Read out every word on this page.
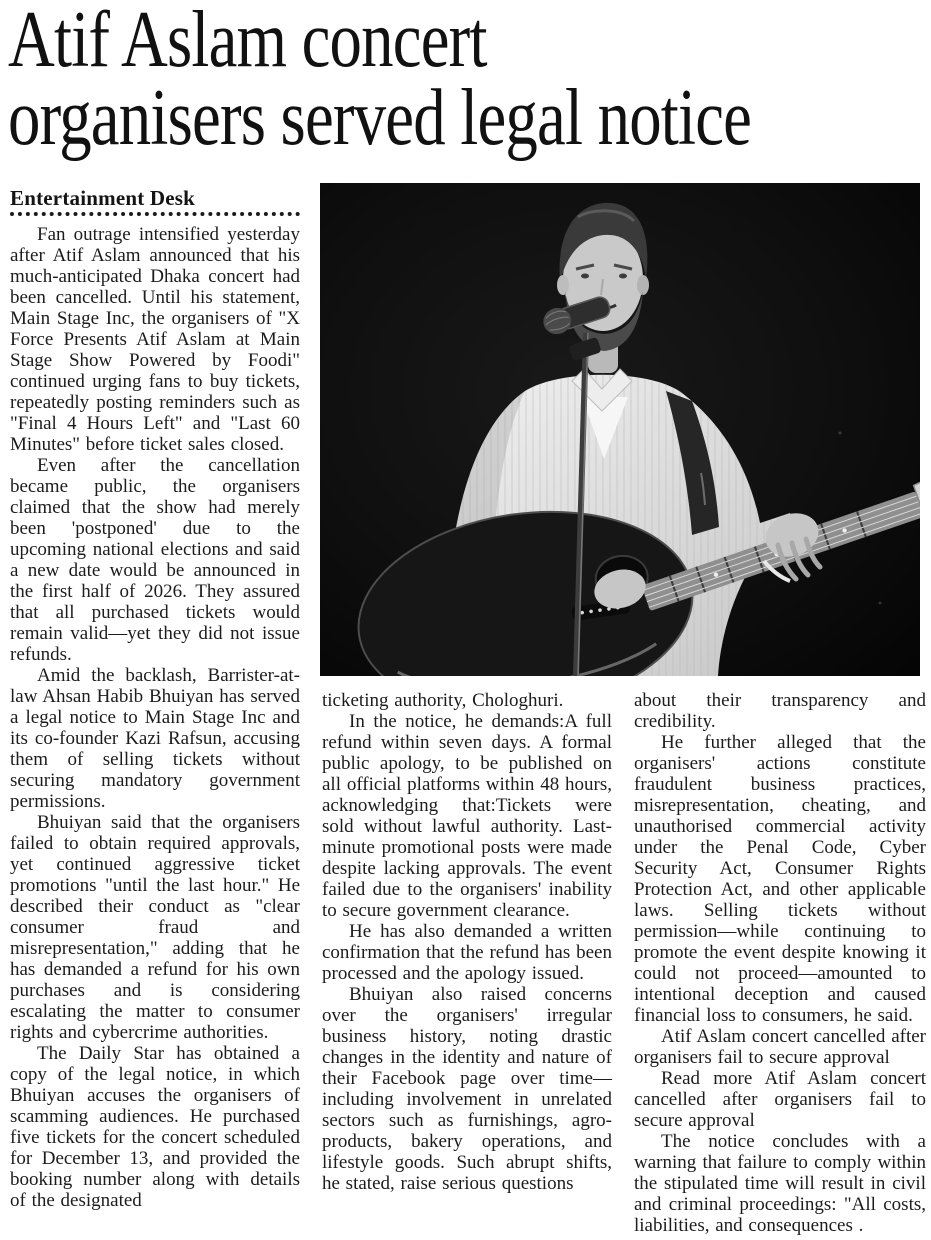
Atif Aslam concert
organisers served legal notice
Entertainment Desk

Fan outrage intensified yesterday after Atif Aslam announced that his much-anticipated Dhaka concert had been cancelled. Until his statement, Main Stage Inc, the organisers of "X Force Presents Atif Aslam at Main Stage Show Powered by Foodi" continued urging fans to buy tickets, repeatedly posting reminders such as "Final 4 Hours Left" and "Last 60 Minutes" before ticket sales closed.

Even after the cancellation became public, the organisers claimed that the show had merely been 'postponed' due to the upcoming national elections and said a new date would be announced in the first half of 2026. They assured that all purchased tickets would remain valid—yet they did not issue refunds.

Amid the backlash, Barrister-at-law Ahsan Habib Bhuiyan has served a legal notice to Main Stage Inc and its co-founder Kazi Rafsun, accusing them of selling tickets without securing mandatory government permissions.

Bhuiyan said that the organisers failed to obtain required approvals, yet continued aggressive ticket promotions "until the last hour." He described their conduct as "clear consumer fraud and misrepresentation," adding that he has demanded a refund for his own purchases and is considering escalating the matter to consumer rights and cybercrime authorities.

The Daily Star has obtained a copy of the legal notice, in which Bhuiyan accuses the organisers of scamming audiences. He purchased five tickets for the concert scheduled for December 13, and provided the booking number along with details of the designated

ticketing authority, Chologhuri.

In the notice, he demands:A full refund within seven days. A formal public apology, to be published on all official platforms within 48 hours, acknowledging that:Tickets were sold without lawful authority. Last-minute promotional posts were made despite lacking approvals. The event failed due to the organisers' inability to secure government clearance.

He has also demanded a written confirmation that the refund has been processed and the apology issued.

Bhuiyan also raised concerns over the organisers' irregular business history, noting drastic changes in the identity and nature of their Facebook page over time—including involvement in unrelated sectors such as furnishings, agro-products, bakery operations, and lifestyle goods. Such abrupt shifts, he stated, raise serious questions

about their transparency and credibility.

He further alleged that the organisers' actions constitute fraudulent business practices, misrepresentation, cheating, and unauthorised commercial activity under the Penal Code, Cyber Security Act, Consumer Rights Protection Act, and other applicable laws. Selling tickets without permission—while continuing to promote the event despite knowing it could not proceed—amounted to intentional deception and caused financial loss to consumers, he said.

Atif Aslam concert cancelled after organisers fail to secure approval

Read more Atif Aslam concert cancelled after organisers fail to secure approval

The notice concludes with a warning that failure to comply within the stipulated time will result in civil and criminal proceedings: "All costs, liabilities, and consequences .
